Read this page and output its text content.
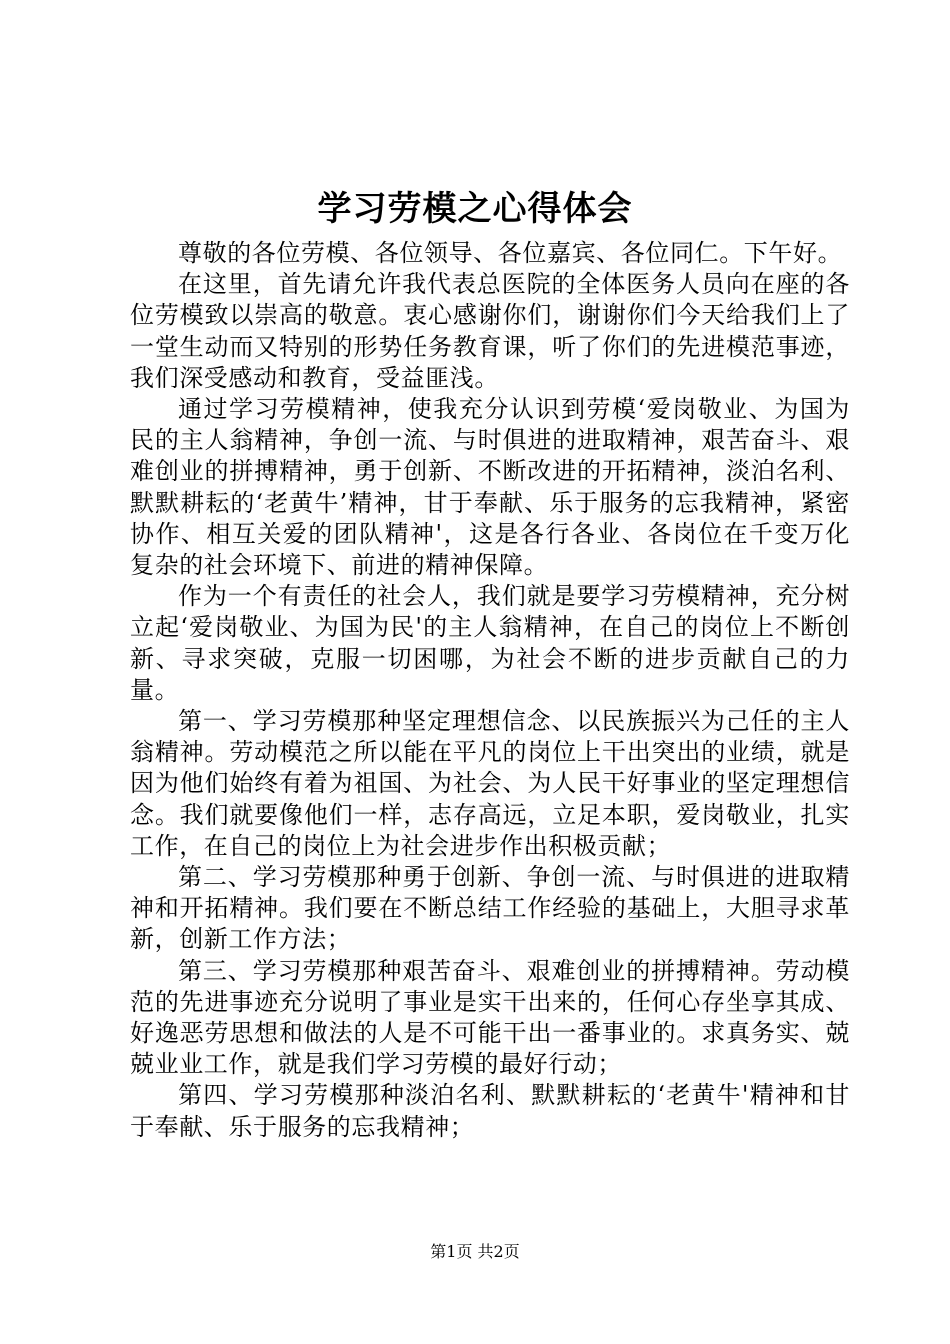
学习劳模之心得体会

尊敬的各位劳模、各位领导、各位嘉宾、各位同仁。下午好。

在这里，首先请允许我代表总医院的全体医务人员向在座的各位劳模致以崇高的敬意。衷心感谢你们，谢谢你们今天给我们上了一堂生动而又特别的形势任务教育课，听了你们的先进模范事迹，我们深受感动和教育，受益匪浅。

通过学习劳模精神，使我充分认识到劳模‘爱岗敬业、为国为民的主人翁精神，争创一流、与时俱进的进取精神，艰苦奋斗、艰难创业的拼搏精神，勇于创新、不断改进的开拓精神，淡泊名利、默默耕耘的‘老黄牛’精神，甘于奉献、乐于服务的忘我精神，紧密协作、相互关爱的团队精神'，这是各行各业、各岗位在千变万化复杂的社会环境下、前进的精神保障。

作为一个有责任的社会人，我们就是要学习劳模精神，充分树立起‘爱岗敬业、为国为民'的主人翁精神，在自己的岗位上不断创新、寻求突破，克服一切困哪，为社会不断的进步贡献自己的力量。

第一、学习劳模那种坚定理想信念、以民族振兴为己任的主人翁精神。劳动模范之所以能在平凡的岗位上干出突出的业绩，就是因为他们始终有着为祖国、为社会、为人民干好事业的坚定理想信念。我们就要像他们一样，志存高远，立足本职，爱岗敬业，扎实工作，在自己的岗位上为社会进步作出积极贡献；

第二、学习劳模那种勇于创新、争创一流、与时俱进的进取精神和开拓精神。我们要在不断总结工作经验的基础上，大胆寻求革新，创新工作方法；

第三、学习劳模那种艰苦奋斗、艰难创业的拼搏精神。劳动模范的先进事迹充分说明了事业是实干出来的，任何心存坐享其成、好逸恶劳思想和做法的人是不可能干出一番事业的。求真务实、兢兢业业工作，就是我们学习劳模的最好行动；

第四、学习劳模那种淡泊名利、默默耕耘的‘老黄牛'精神和甘于奉献、乐于服务的忘我精神；

第1页 共2页
